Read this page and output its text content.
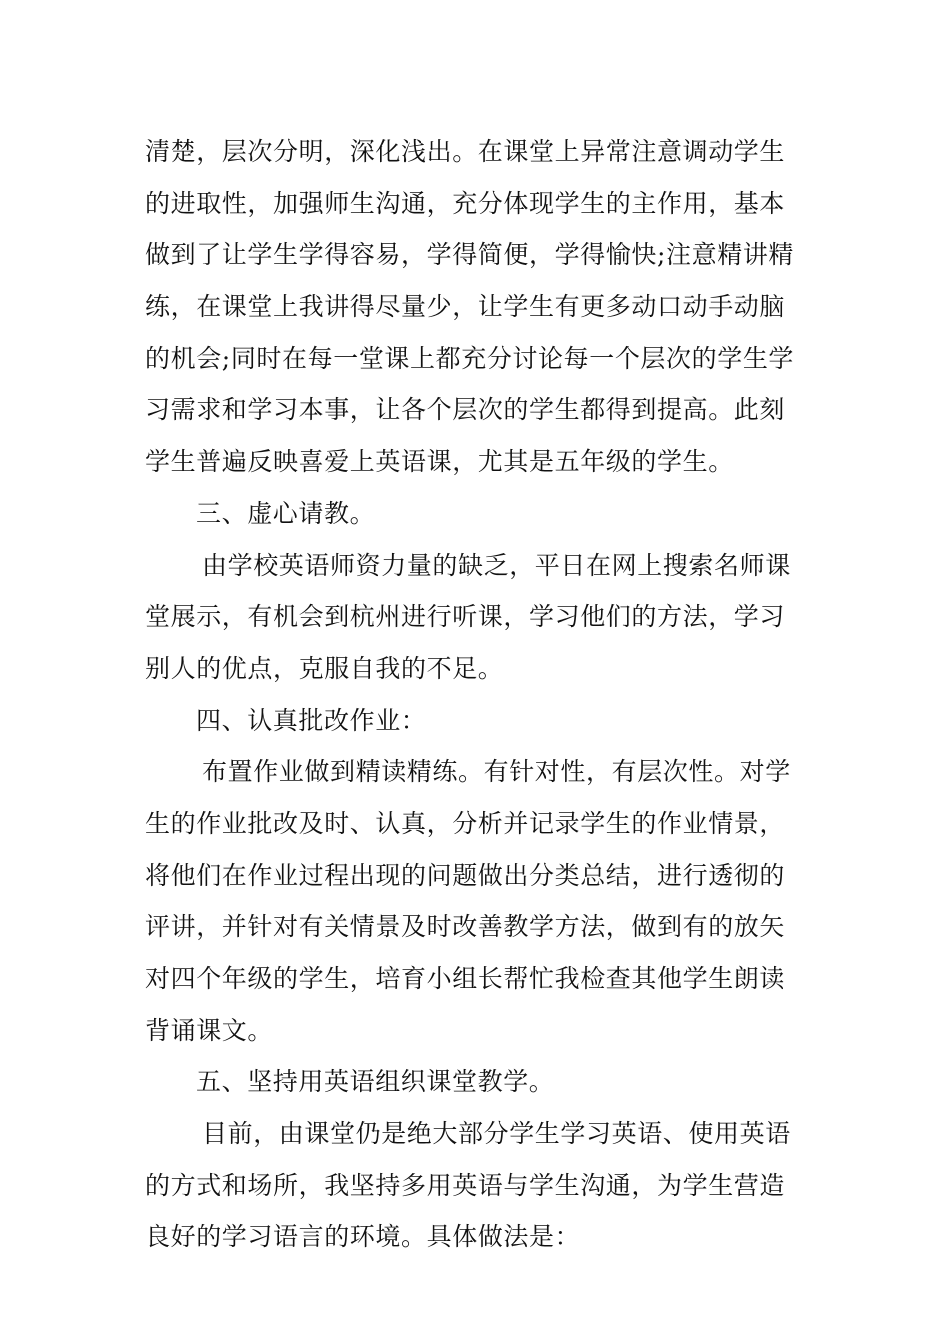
清楚，层次分明，深化浅出。在课堂上异常注意调动学生
的进取性，加强师生沟通，充分体现学生的主作用，基本
做到了让学生学得容易，学得简便，学得愉快;注意精讲精
练，在课堂上我讲得尽量少，让学生有更多动口动手动脑
的机会;同时在每一堂课上都充分讨论每一个层次的学生学
习需求和学习本事，让各个层次的学生都得到提高。此刻
学生普遍反映喜爱上英语课，尤其是五年级的学生。
三、虚心请教。
由学校英语师资力量的缺乏，平日在网上搜索名师课
堂展示，有机会到杭州进行听课，学习他们的方法，学习
别人的优点，克服自我的不足。
四、认真批改作业：
布置作业做到精读精练。有针对性，有层次性。对学
生的作业批改及时、认真，分析并记录学生的作业情景，
将他们在作业过程出现的问题做出分类总结，进行透彻的
评讲，并针对有关情景及时改善教学方法，做到有的放矢
对四个年级的学生，培育小组长帮忙我检查其他学生朗读
背诵课文。
五、坚持用英语组织课堂教学。
目前，由课堂仍是绝大部分学生学习英语、使用英语
的方式和场所，我坚持多用英语与学生沟通，为学生营造
良好的学习语言的环境。具体做法是：
